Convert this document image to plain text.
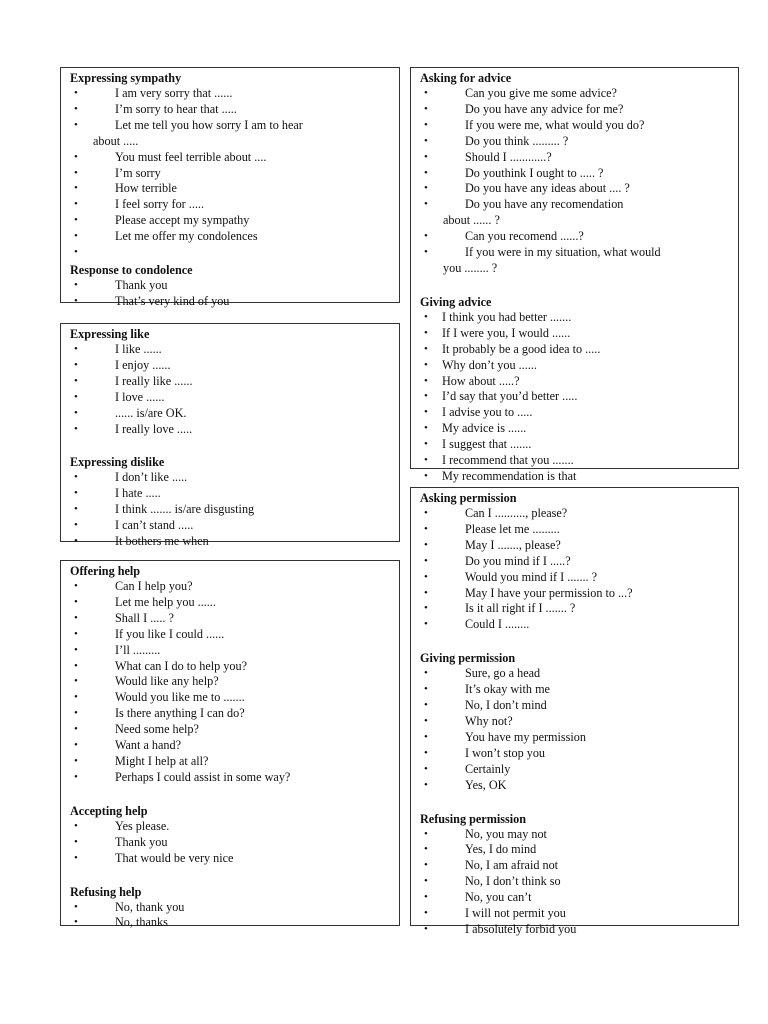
Expressing sympathy
• I am very sorry that ......
• I’m sorry to hear that .....
• Let me tell you how sorry I am to hear
about .....
• You must feel terrible about ....
• I’m sorry
• How terrible
• I feel sorry for .....
• Please accept my sympathy
• Let me offer my condolences
•
Response to condolence
• Thank you
• That’s very kind of you
Expressing like
• I like ......
• I enjoy ......
• I really like ......
• I love ......
• ...... is/are OK.
• I really love .....
Expressing dislike
• I don’t like .....
• I hate .....
• I think ....... is/are disgusting
• I can’t stand .....
• It bothers me when
Offering help
• Can I help you?
• Let me help you ......
• Shall I ..... ?
• If you like I could ......
• I’ll .........
• What can I do to help you?
• Would like any help?
• Would you like me to .......
• Is there anything I can do?
• Need some help?
• Want a hand?
• Might I help at all?
• Perhaps I could assist in some way?
Accepting help
• Yes please.
• Thank you
• That would be very nice
Refusing help
• No, thank you
• No, thanks
Asking for advice
• Can you give me some advice?
• Do you have any advice for me?
• If you were me, what would you do?
• Do you think ......... ?
• Should I ............?
• Do youthink I ought to ..... ?
• Do you have any ideas about .... ?
• Do you have any recomendation
about ...... ?
• Can you recomend ......?
• If you were in my situation, what would
you ........ ?
Giving advice
• I think you had better .......
• If I were you, I would ......
• It probably be a good idea to .....
• Why don’t you ......
• How about .....?
• I’d say that you’d better .....
• I advise you to .....
• My advice is ......
• I suggest that .......
• I recommend that you .......
• My recommendation is that
Asking permission
• Can I .........., please?
• Please let me .........
• May I ......., please?
• Do you mind if I .....?
• Would you mind if I ....... ?
• May I have your permission to ...?
• Is it all right if I ....... ?
• Could I ........
Giving permission
• Sure, go a head
• It’s okay with me
• No, I don’t mind
• Why not?
• You have my permission
• I won’t stop you
• Certainly
• Yes, OK
Refusing permission
• No, you may not
• Yes, I do mind
• No, I am afraid not
• No, I don’t think so
• No, you can’t
• I will not permit you
• I absolutely forbid you
